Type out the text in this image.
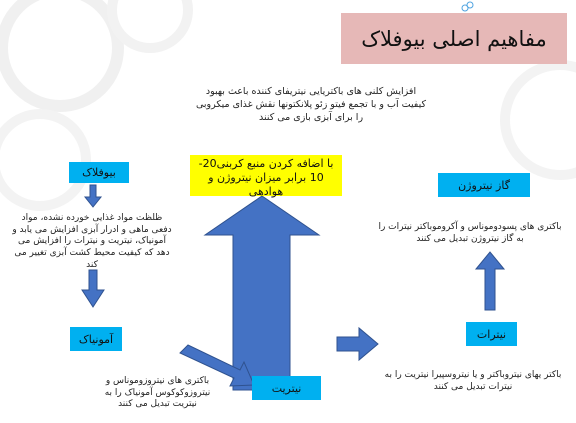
مفاهیم اصلی بیوفلاک
افزایش کلنی های باکتریایی نیتریفای کننده باعث بهبود کیفیت آب و با تجمع فیتو زئو پلانکتونها نقش غذای میکروبی را برای آبزی بازی می کنند
با اضافه کردن منبع کربنی20-10 برابر میزان نیتروژن و هوادهی
بیوفلاک
ظلظت مواد غذایی خورده نشده، مواد دفعی ماهی و ادرار آبزی افزایش می یابد و آمونیاک، نیتریت و نیترات را افزایش می دهد که کیفیت محیط کشت آبزی تغییر می کند
آمونیاک
باکتری های نیتروزوموناس و نیتروزوکوکوس آمونیاک را به نیتریت تبدیل می کنند
نیتریت
نیترات
باکتر یهای نیتروباکتر و یا نیتروسپیرا نیتریت را به نیترات تبدیل می کنند
گاز نیتروژن
باکتری های پسودوموناس و آکروموباکتر نیترات را به گاز نیتروژن تبدیل می کنند
